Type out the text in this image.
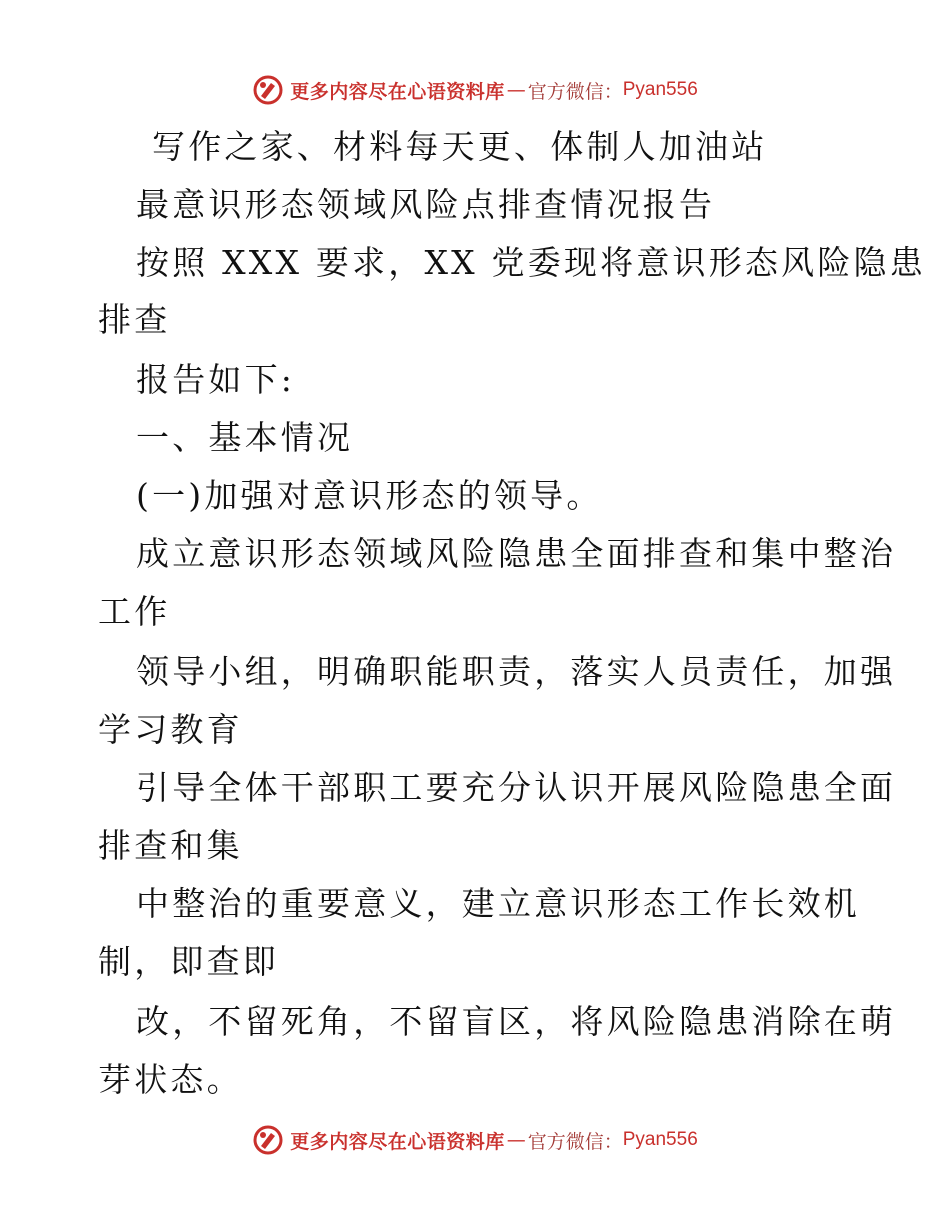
更多内容尽在心语资料库 — 官方微信： Pyan556
写作之家、材料每天更、体制人加油站
最意识形态领域风险点排查情况报告
按照 XXX 要求，XX 党委现将意识形态风险隐患
排查
报告如下:
一、基本情况
(一)加强对意识形态的领导。
成立意识形态领域风险隐患全面排查和集中整治
工作
领导小组，明确职能职责，落实人员责任，加强
学习教育
引导全体干部职工要充分认识开展风险隐患全面
排查和集
中整治的重要意义，建立意识形态工作长效机
制，即查即
改，不留死角，不留盲区，将风险隐患消除在萌
芽状态。
更多内容尽在心语资料库 — 官方微信： Pyan556
